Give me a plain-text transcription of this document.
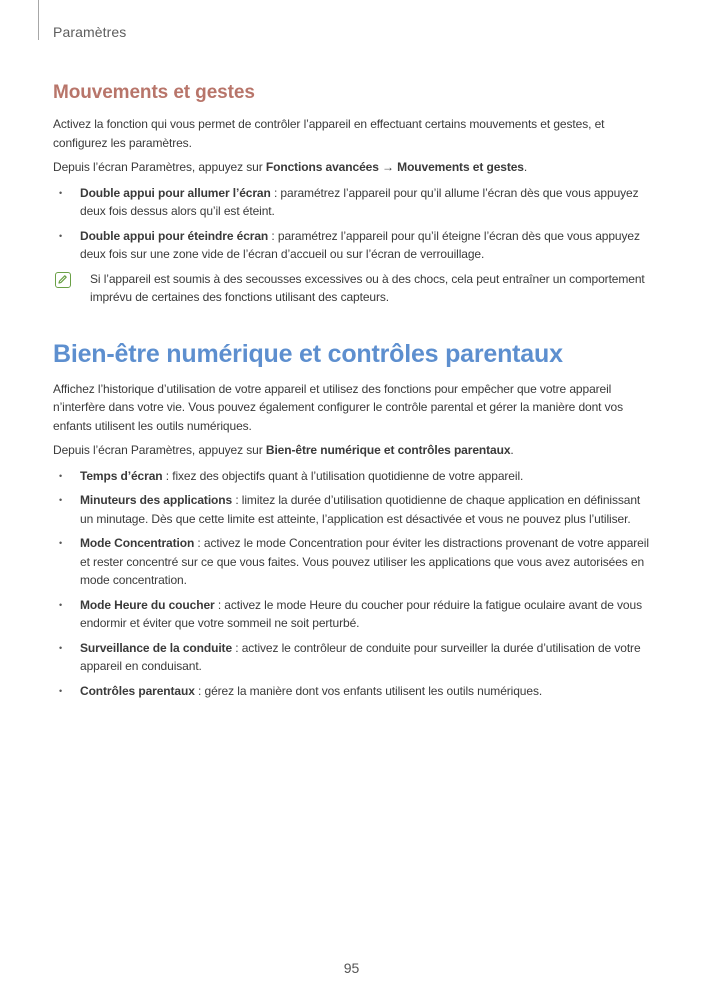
Paramètres
Mouvements et gestes

Activez la fonction qui vous permet de contrôler l’appareil en effectuant certains mouvements et gestes, et configurez les paramètres.

Depuis l’écran Paramètres, appuyez sur Fonctions avancées → Mouvements et gestes.

• Double appui pour allumer l’écran : paramétrez l’appareil pour qu’il allume l’écran dès que vous appuyez deux fois dessus alors qu’il est éteint.
• Double appui pour éteindre écran : paramétrez l’appareil pour qu’il éteigne l’écran dès que vous appuyez deux fois sur une zone vide de l’écran d’accueil ou sur l’écran de verrouillage.
Si l’appareil est soumis à des secousses excessives ou à des chocs, cela peut entraîner un comportement imprévu de certaines des fonctions utilisant des capteurs.
Bien-être numérique et contrôles parentaux

Affichez l’historique d’utilisation de votre appareil et utilisez des fonctions pour empêcher que votre appareil n’interfère dans votre vie. Vous pouvez également configurer le contrôle parental et gérer la manière dont vos enfants utilisent les outils numériques.

Depuis l’écran Paramètres, appuyez sur Bien-être numérique et contrôles parentaux.

• Temps d’écran : fixez des objectifs quant à l’utilisation quotidienne de votre appareil.
• Minuteurs des applications : limitez la durée d’utilisation quotidienne de chaque application en définissant un minutage. Dès que cette limite est atteinte, l’application est désactivée et vous ne pouvez plus l’utiliser.
• Mode Concentration : activez le mode Concentration pour éviter les distractions provenant de votre appareil et rester concentré sur ce que vous faites. Vous pouvez utiliser les applications que vous avez autorisées en mode concentration.
• Mode Heure du coucher : activez le mode Heure du coucher pour réduire la fatigue oculaire avant de vous endormir et éviter que votre sommeil ne soit perturbé.
• Surveillance de la conduite : activez le contrôleur de conduite pour surveiller la durée d’utilisation de votre appareil en conduisant.
• Contrôles parentaux : gérez la manière dont vos enfants utilisent les outils numériques.
95
